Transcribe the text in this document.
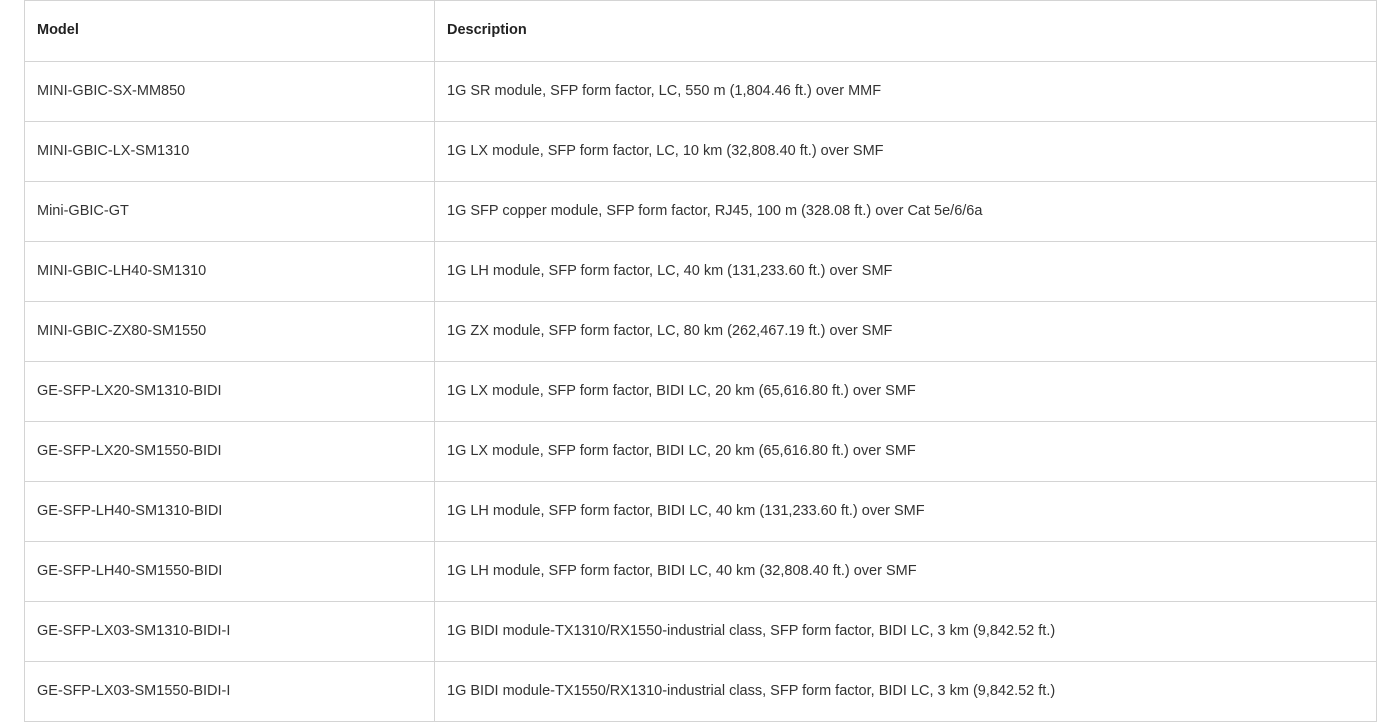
Model	Description
MINI-GBIC-SX-MM850	1G SR module, SFP form factor, LC, 550 m (1,804.46 ft.) over MMF
MINI-GBIC-LX-SM1310	1G LX module, SFP form factor, LC, 10 km (32,808.40 ft.) over SMF
Mini-GBIC-GT	1G SFP copper module, SFP form factor, RJ45, 100 m (328.08 ft.) over Cat 5e/6/6a
MINI-GBIC-LH40-SM1310	1G LH module, SFP form factor, LC, 40 km (131,233.60 ft.) over SMF
MINI-GBIC-ZX80-SM1550	1G ZX module, SFP form factor, LC, 80 km (262,467.19 ft.) over SMF
GE-SFP-LX20-SM1310-BIDI	1G LX module, SFP form factor, BIDI LC, 20 km (65,616.80 ft.) over SMF
GE-SFP-LX20-SM1550-BIDI	1G LX module, SFP form factor, BIDI LC, 20 km (65,616.80 ft.) over SMF
GE-SFP-LH40-SM1310-BIDI	1G LH module, SFP form factor, BIDI LC, 40 km (131,233.60 ft.) over SMF
GE-SFP-LH40-SM1550-BIDI	1G LH module, SFP form factor, BIDI LC, 40 km (32,808.40 ft.) over SMF
GE-SFP-LX03-SM1310-BIDI-I	1G BIDI module-TX1310/RX1550-industrial class, SFP form factor, BIDI LC, 3 km (9,842.52 ft.)
GE-SFP-LX03-SM1550-BIDI-I	1G BIDI module-TX1550/RX1310-industrial class, SFP form factor, BIDI LC, 3 km (9,842.52 ft.)
